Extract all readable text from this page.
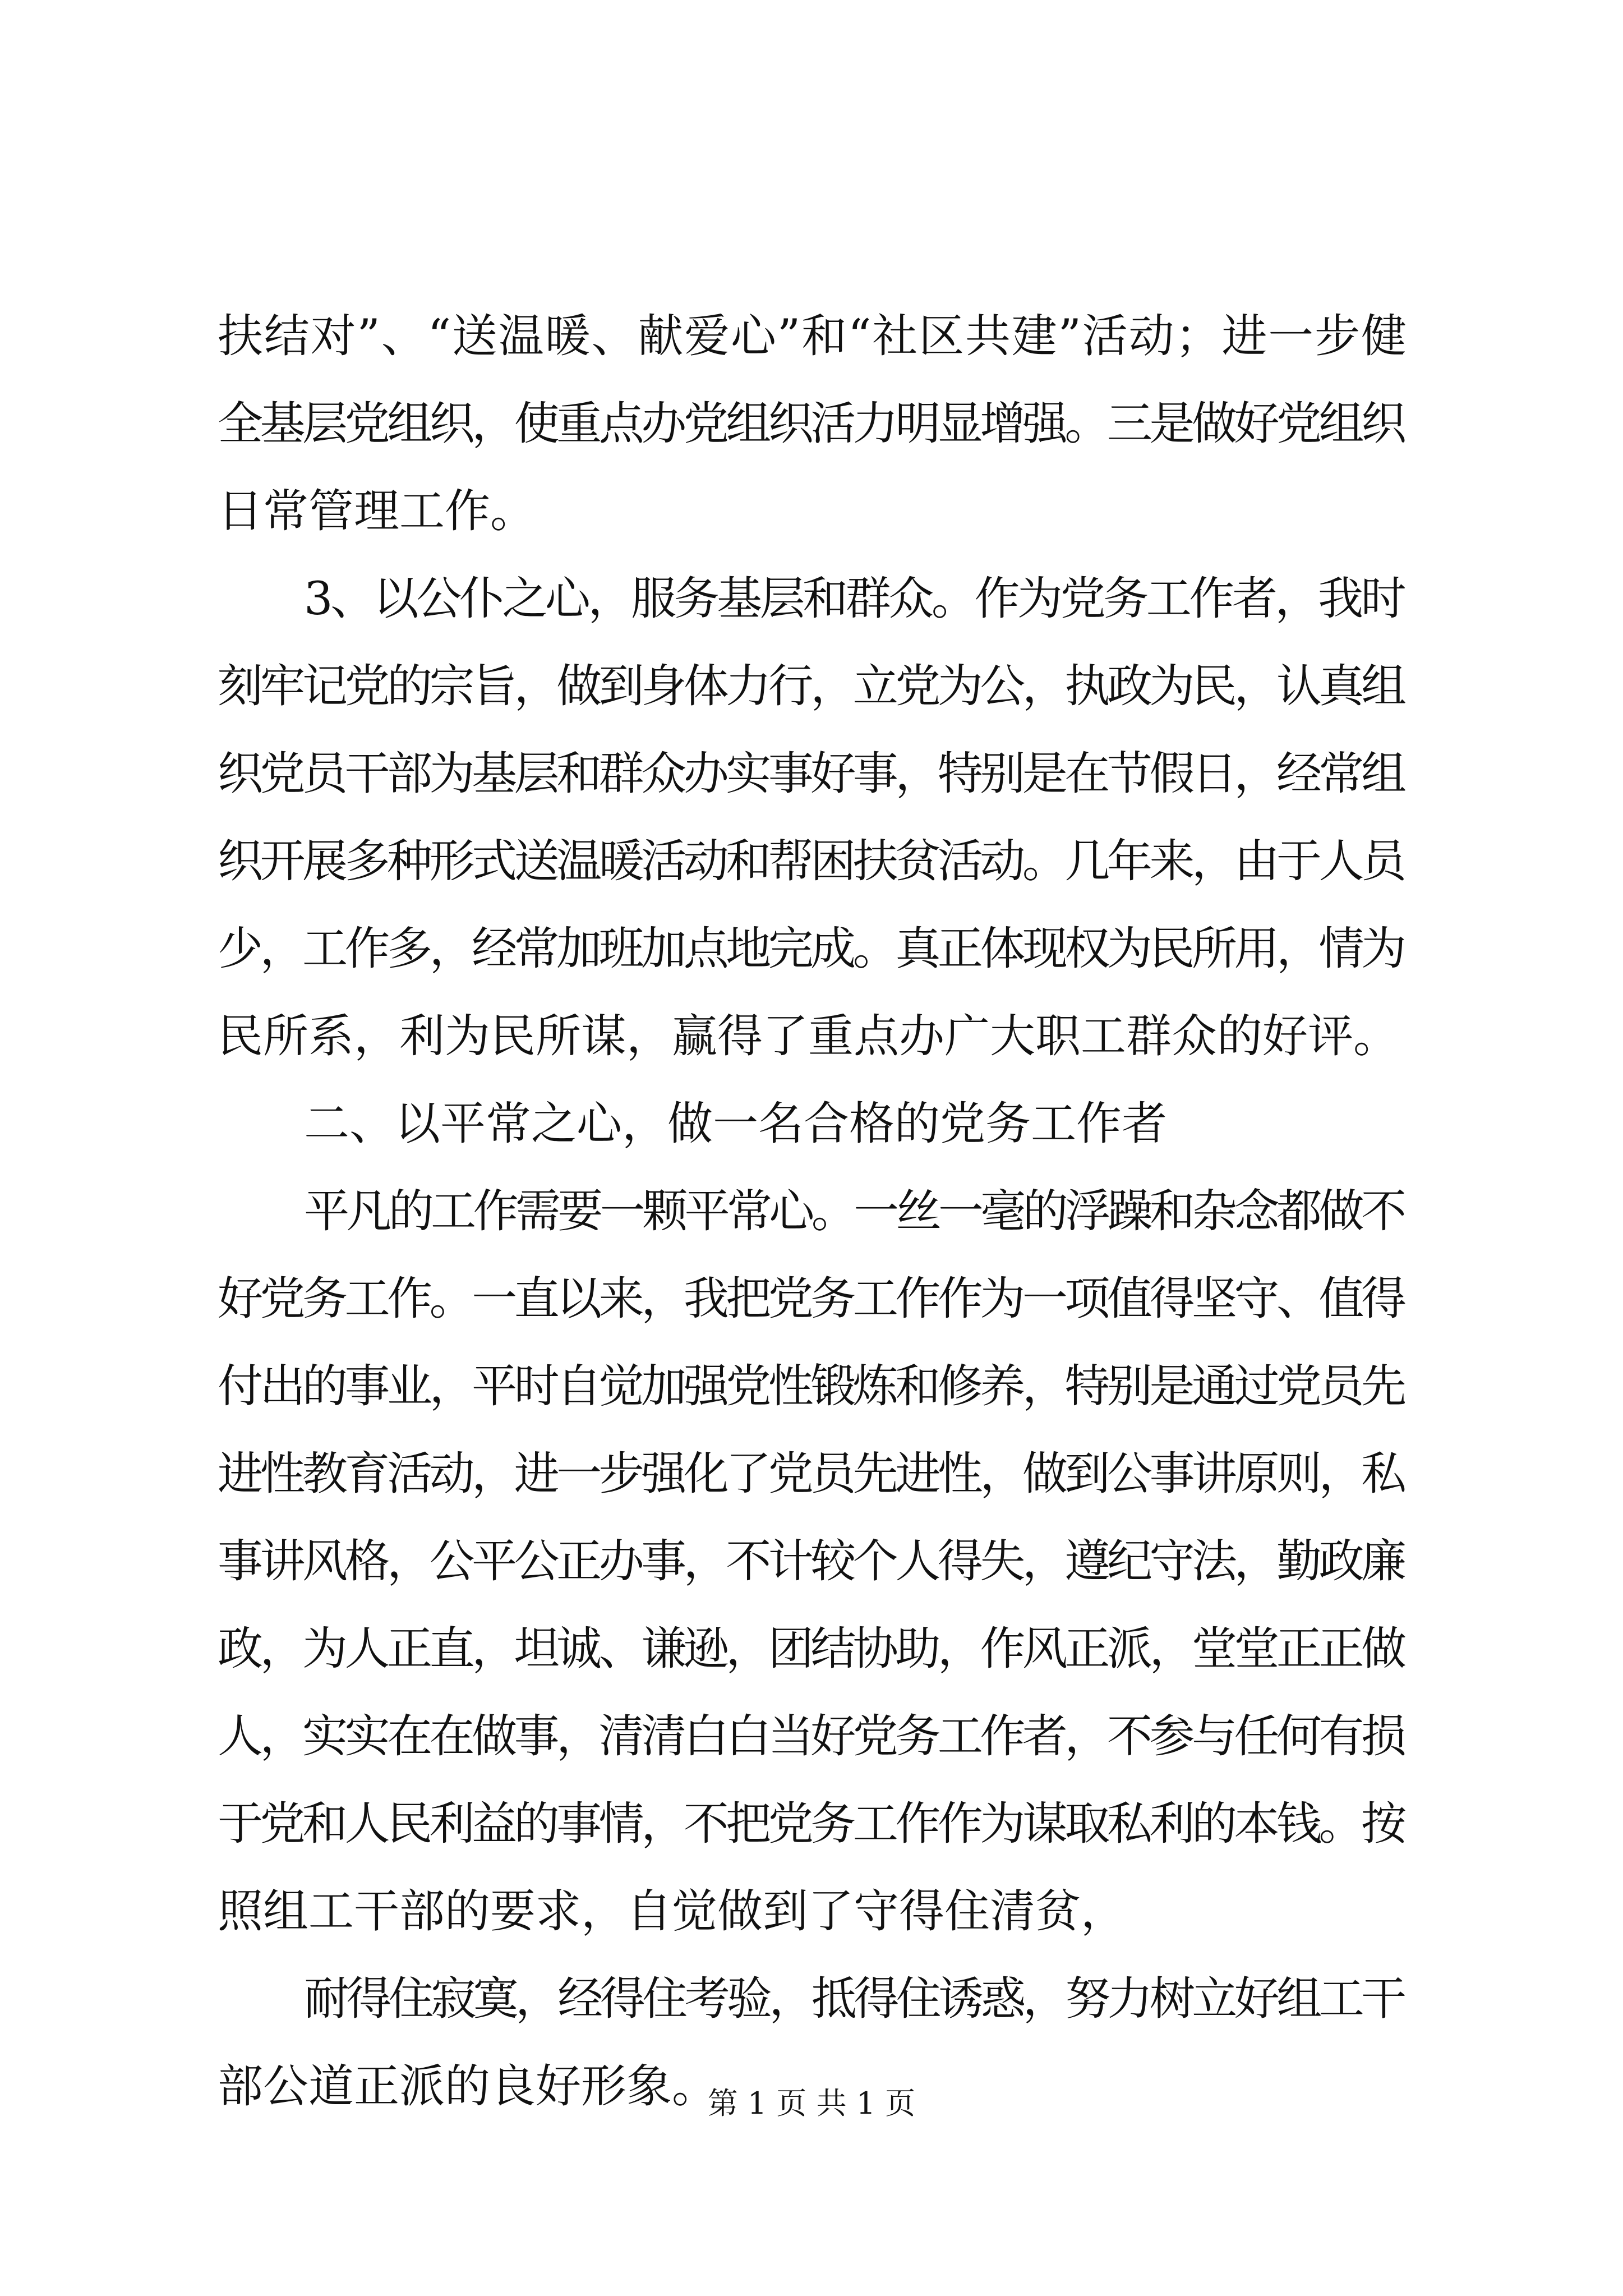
扶结对”、“送温暖、献爱心”和“社区共建”活动；进一步健
全基层党组织，使重点办党组织活力明显增强。三是做好党组织
日常管理工作。
3、以公仆之心，服务基层和群众。作为党务工作者，我时
刻牢记党的宗旨，做到身体力行，立党为公，执政为民，认真组
织党员干部为基层和群众办实事好事，特别是在节假日，经常组
织开展多种形式送温暖活动和帮困扶贫活动。几年来，由于人员
少，工作多，经常加班加点地完成。真正体现权为民所用，情为
民所系，利为民所谋，赢得了重点办广大职工群众的好评。
二、以平常之心，做一名合格的党务工作者
平凡的工作需要一颗平常心。一丝一毫的浮躁和杂念都做不
好党务工作。一直以来，我把党务工作作为一项值得坚守、值得
付出的事业，平时自觉加强党性锻炼和修养，特别是通过党员先
进性教育活动，进一步强化了党员先进性，做到公事讲原则，私
事讲风格，公平公正办事，不计较个人得失，遵纪守法，勤政廉
政，为人正直，坦诚、谦逊，团结协助，作风正派，堂堂正正做
人，实实在在做事，清清白白当好党务工作者，不参与任何有损
于党和人民利益的事情，不把党务工作作为谋取私利的本钱。按
照组工干部的要求，自觉做到了守得住清贫，
耐得住寂寞，经得住考验，抵得住诱惑，努力树立好组工干
部公道正派的良好形象。
第 1 页 共 1 页
